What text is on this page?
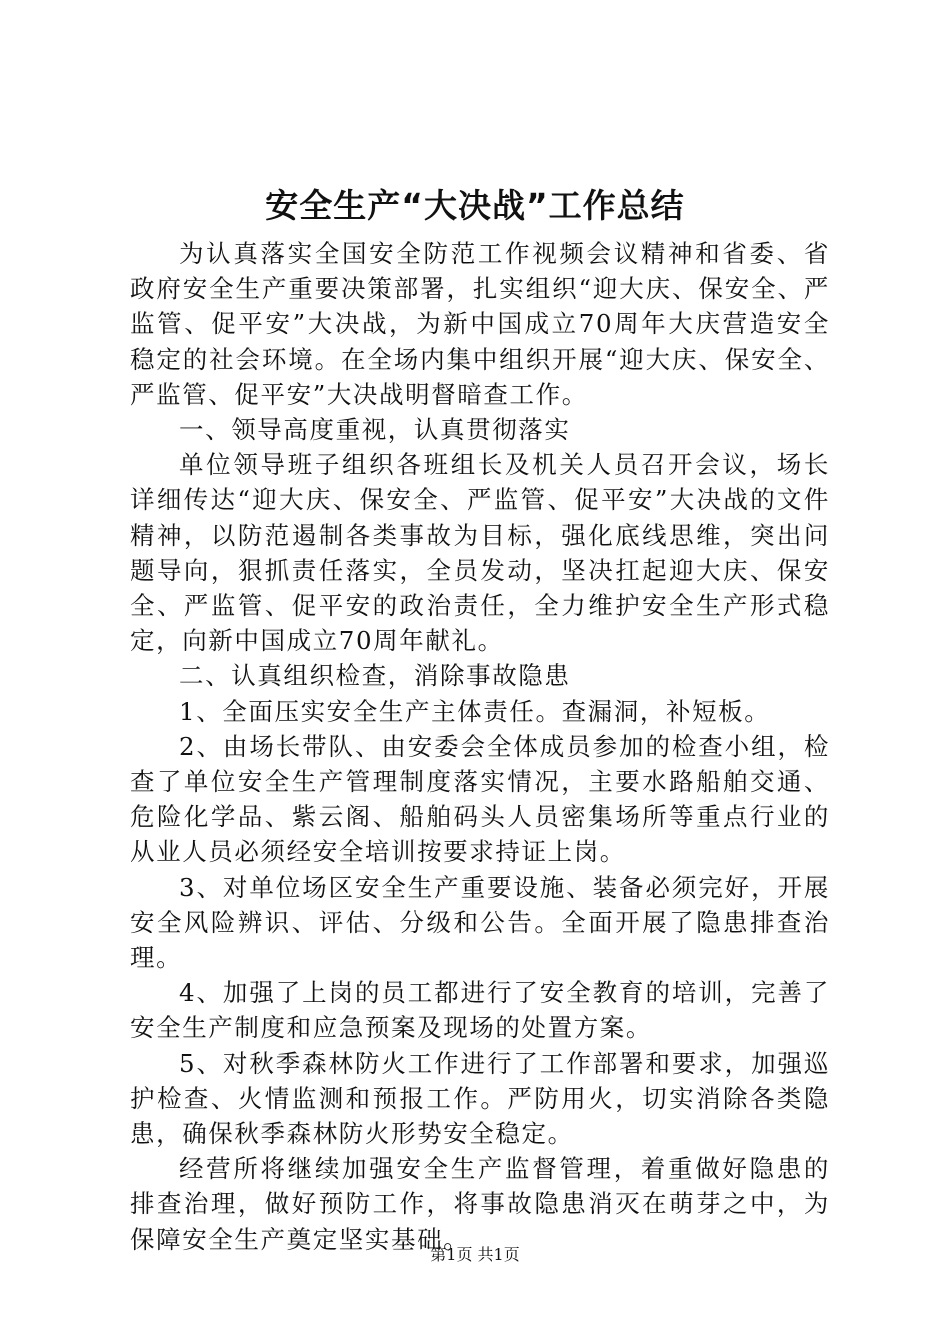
安全生产“大决战”工作总结

为认真落实全国安全防范工作视频会议精神和省委、省政府安全生产重要决策部署，扎实组织“迎大庆、保安全、严监管、促平安”大决战，为新中国成立70周年大庆营造安全稳定的社会环境。在全场内集中组织开展“迎大庆、保安全、严监管、促平安”大决战明督暗查工作。

一、领导高度重视，认真贯彻落实

单位领导班子组织各班组长及机关人员召开会议，场长详细传达“迎大庆、保安全、严监管、促平安”大决战的文件精神，以防范遏制各类事故为目标，强化底线思维，突出问题导向，狠抓责任落实，全员发动，坚决扛起迎大庆、保安全、严监管、促平安的政治责任，全力维护安全生产形式稳定，向新中国成立70周年献礼。

二、认真组织检查，消除事故隐患

1、全面压实安全生产主体责任。查漏洞，补短板。

2、由场长带队、由安委会全体成员参加的检查小组，检查了单位安全生产管理制度落实情况，主要水路船舶交通、危险化学品、紫云阁、船舶码头人员密集场所等重点行业的从业人员必须经安全培训按要求持证上岗。

3、对单位场区安全生产重要设施、装备必须完好，开展安全风险辨识、评估、分级和公告。全面开展了隐患排查治理。

4、加强了上岗的员工都进行了安全教育的培训，完善了安全生产制度和应急预案及现场的处置方案。

5、对秋季森林防火工作进行了工作部署和要求，加强巡护检查、火情监测和预报工作。严防用火，切实消除各类隐患，确保秋季森林防火形势安全稳定。

经营所将继续加强安全生产监督管理，着重做好隐患的排查治理，做好预防工作，将事故隐患消灭在萌芽之中，为保障安全生产奠定坚实基础。

第1页 共1页
